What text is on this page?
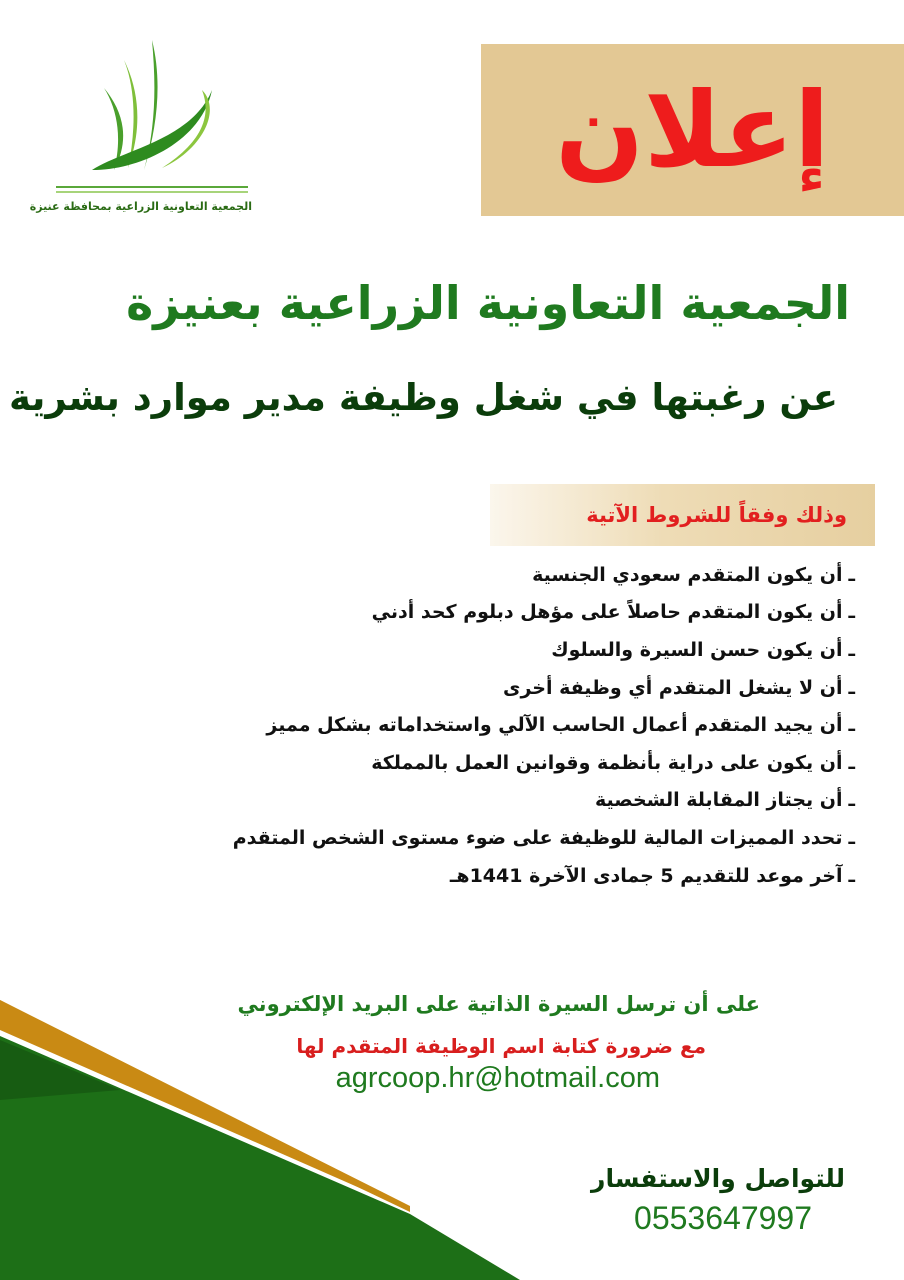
الجمعية التعاونية الزراعية بمحافظة عنيزة
إعلان
الجمعية التعاونية الزراعية بعنيزة
عن رغبتها في شغل وظيفة مدير موارد بشرية
وذلك وفقاً للشروط الآتية
ـ
أن يكون المتقدم سعودي الجنسية
ـ
أن يكون المتقدم حاصلاً على مؤهل دبلوم كحد أدني
ـ
أن يكون حسن السيرة والسلوك
ـ
أن لا يشغل المتقدم أي وظيفة أخرى
ـ
أن يجيد المتقدم أعمال الحاسب الآلي واستخداماته بشكل مميز
ـ
أن يكون على دراية بأنظمة وقوانين العمل بالمملكة
ـ
أن يجتاز المقابلة الشخصية
ـ
تحدد المميزات المالية للوظيفة على ضوء مستوى الشخص المتقدم
ـ
آخر موعد للتقديم 5 جمادى الآخرة 1441هـ
على أن ترسل السيرة الذاتية على البريد الإلكتروني
مع ضرورة كتابة اسم الوظيفة المتقدم لها
agrcoop.hr@hotmail.com
للتواصل والاستفسار
0553647997
